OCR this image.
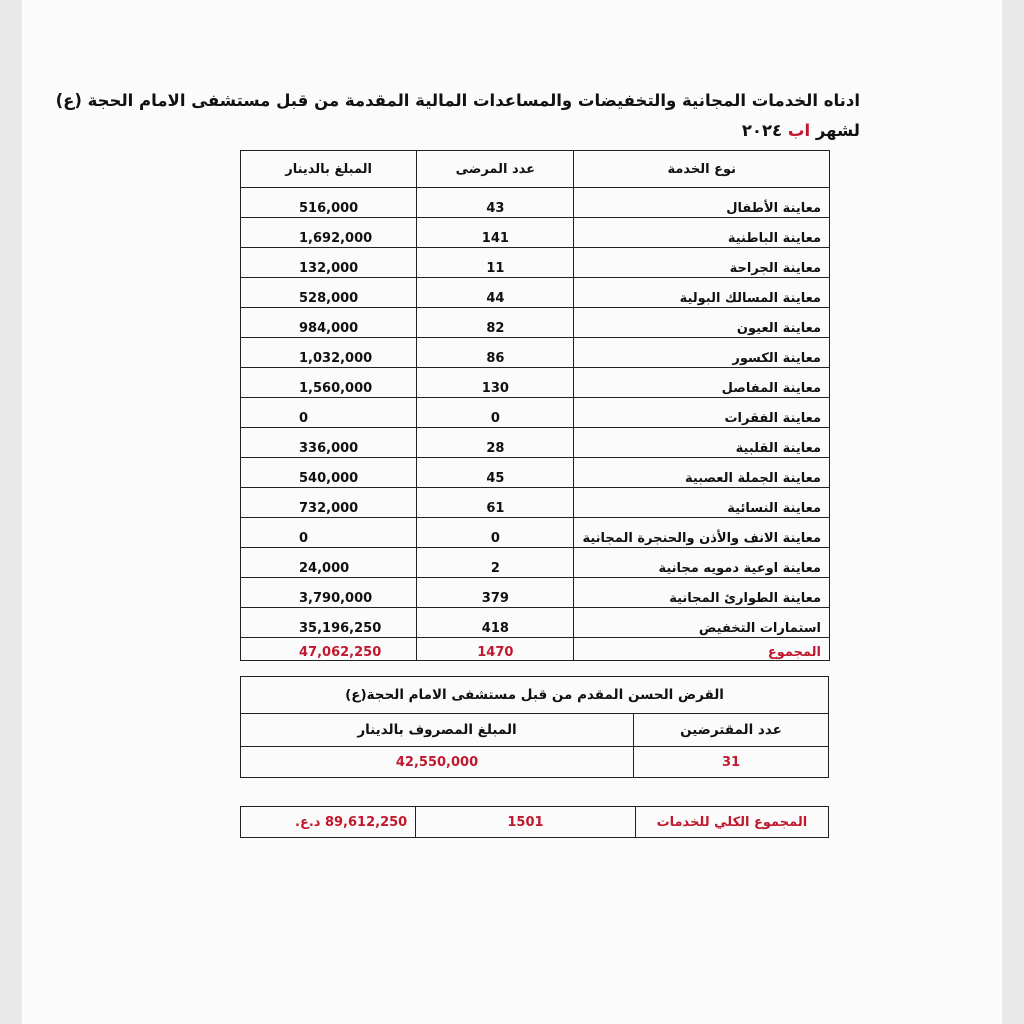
ادناه الخدمات المجانية والتخفيضات والمساعدات المالية المقدمة من قبل مستشفى الامام الحجة (ع)
لشهر اب ٢٠٢٤
نوع الخدمة	عدد المرضى	المبلغ بالدينار
معاينة الأطفال	43	516,000
معاينة الباطنية	141	1,692,000
معاينة الجراحة	11	132,000
معاينة المسالك البولية	44	528,000
معاينة العيون	82	984,000
معاينة الكسور	86	1,032,000
معاينة المفاصل	130	1,560,000
معاينة الفقرات	0	0
معاينة القلبية	28	336,000
معاينة الجملة العصبية	45	540,000
معاينة النسائية	61	732,000
معاينة الانف والأذن والحنجرة المجانية	0	0
معاينة اوعية دمويه مجانية	2	24,000
معاينة الطوارئ المجانية	379	3,790,000
استمارات التخفيض	418	35,196,250
المجموع	1470	47,062,250
القرض الحسن المقدم من قبل مستشفى الامام الحجة(ع)	
عدد المقترضين	المبلغ المصروف بالدينار
31	42,550,000
المجموع الكلي للخدمات	1501	89,612,250 د.ع.
